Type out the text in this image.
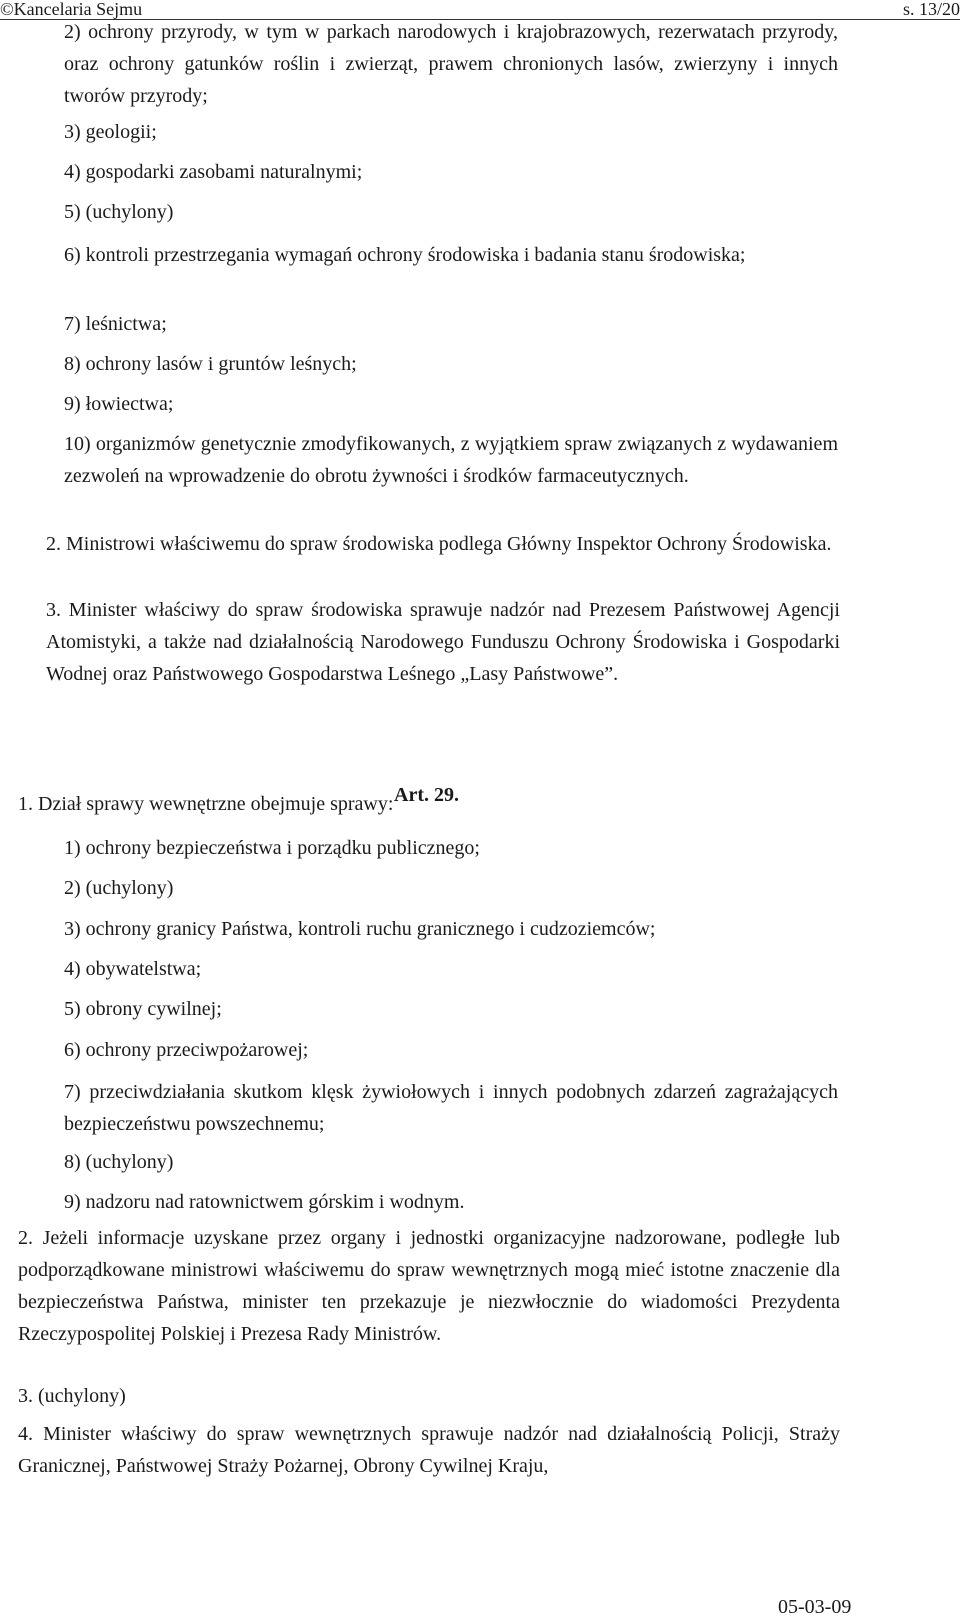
©Kancelaria Sejmu	s. 13/20
2) ochrony przyrody, w tym w parkach narodowych i krajobrazowych, rezerwatach przyrody, oraz ochrony gatunków roślin i zwierząt, prawem chronionych lasów, zwierzyny i innych tworów przyrody;
3) geologii;
4) gospodarki zasobami naturalnymi;
5) (uchylony)
6) kontroli przestrzegania wymagań ochrony środowiska i badania stanu środowiska;
7) leśnictwa;
8) ochrony lasów i gruntów leśnych;
9) łowiectwa;
10) organizmów genetycznie zmodyfikowanych, z wyjątkiem spraw związanych z wydawaniem zezwoleń na wprowadzenie do obrotu żywności i środków farmaceutycznych.
2. Ministrowi właściwemu do spraw środowiska podlega Główny Inspektor Ochrony Środowiska.
3. Minister właściwy do spraw środowiska sprawuje nadzór nad Prezesem Państwowej Agencji Atomistyki, a także nad działalnością Narodowego Funduszu Ochrony Środowiska i Gospodarki Wodnej oraz Państwowego Gospodarstwa Leśnego „Lasy Państwowe”.
Art. 29.
1. Dział sprawy wewnętrzne obejmuje sprawy:
1) ochrony bezpieczeństwa i porządku publicznego;
2) (uchylony)
3) ochrony granicy Państwa, kontroli ruchu granicznego i cudzoziemców;
4) obywatelstwa;
5) obrony cywilnej;
6) ochrony przeciwpożarowej;
7) przeciwdziałania skutkom klęsk żywiołowych i innych podobnych zdarzeń zagrażających bezpieczeństwu powszechnemu;
8) (uchylony)
9) nadzoru nad ratownictwem górskim i wodnym.
2. Jeżeli informacje uzyskane przez organy i jednostki organizacyjne nadzorowane, podległe lub podporządkowane ministrowi właściwemu do spraw wewnętrznych mogą mieć istotne znaczenie dla bezpieczeństwa Państwa, minister ten przekazuje je niezwłocznie do wiadomości Prezydenta Rzeczypospolitej Polskiej i Prezesa Rady Ministrów.
3. (uchylony)
4. Minister właściwy do spraw wewnętrznych sprawuje nadzór nad działalnością Policji, Straży Granicznej, Państwowej Straży Pożarnej, Obrony Cywilnej Kraju,
05-03-09
